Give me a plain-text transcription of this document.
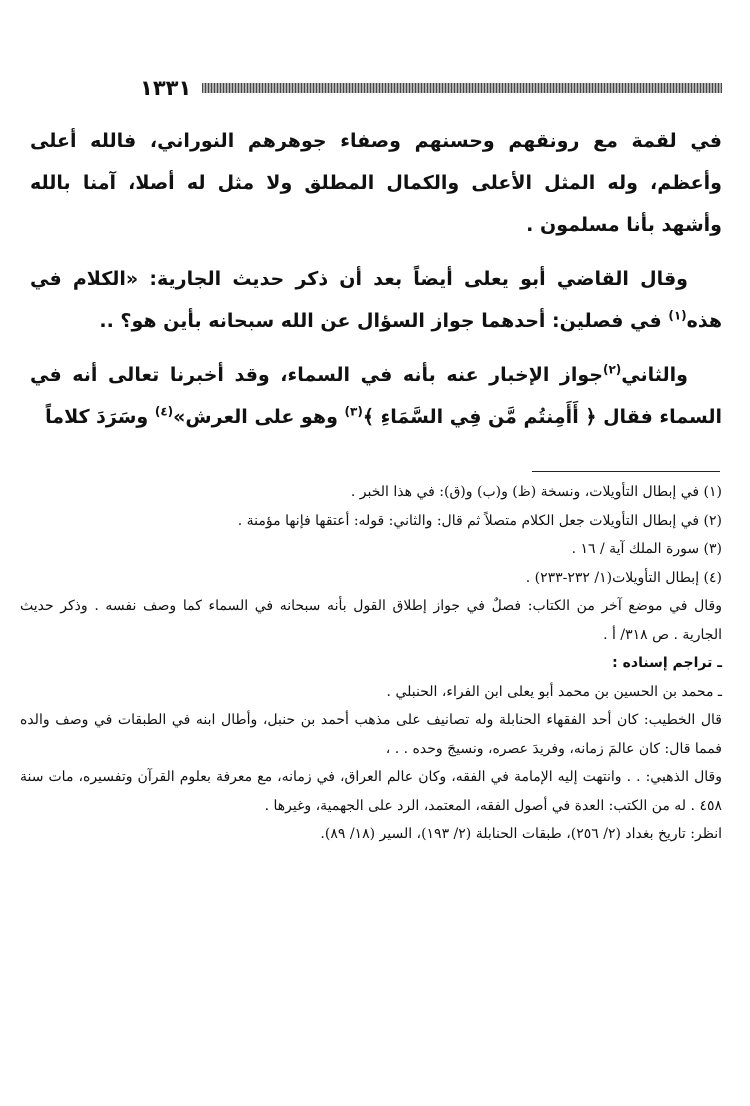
١٣٣١

في لقمة مع رونقهم وحسنهم وصفاء جوهرهم النوراني، فالله أعلى وأعظم، وله المثل الأعلى والكمال المطلق ولا مثل له أصلا، آمنا بالله وأشهد بأنا مسلمون .

وقال القاضي أبو يعلى أيضاً بعد أن ذكر حديث الجارية: «الكلام في هذه$^{(١)}$ في فصلين: أحدهما جواز السؤال عن الله سبحانه بأين هو؟ ..

والثاني$^{(٢)}$جواز الإخبار عنه بأنه في السماء، وقد أخبرنا تعالى أنه في السماء فقال ﴿ أَأَمِنتُم مَّن فِي السَّمَاءِ ﴾$^{(٣)}$ وهو على العرش»$^{(٤)}$ وسَرَدَ كلاماً

(١) في إبطال التأويلات، ونسخة (ظ) و(ب) و(ق): في هذا الخبر .

(٢) في إبطال التأويلات جعل الكلام متصلاً ثم قال: والثاني: قوله: أعتقها فإنها مؤمنة .

(٣) سورة الملك آية / ١٦ .

(٤) إبطال التأويلات(١/ ٢٣٢-٢٣٣) .

وقال في موضع آخر من الكتاب: فصلٌ في جواز إطلاق القول بأنه سبحانه في السماء كما وصف نفسه . وذكر حديث الجارية . ص ٣١٨/ أ .

ـ تراجم إسناده :

ـ محمد بن الحسين بن محمد أبو يعلى ابن الفراء، الحنبلي .

قال الخطيب: كان أحد الفقهاء الحنابلة وله تصانيف على مذهب أحمد بن حنبل، وأطال ابنه في الطبقات في وصف والده فمما قال: كان عالمَ زمانه، وفريدَ عصره، ونسيجَ وحده . . ،

وقال الذهبي: . . وانتهت إليه الإمامة في الفقه، وكان عالم العراق، في زمانه، مع معرفة بعلوم القرآن وتفسيره، مات سنة ٤٥٨ . له من الكتب: العدة في أصول الفقه، المعتمد، الرد على الجهمية، وغيرها .

انظر: تاريخ بغداد (٢/ ٢٥٦)، طبقات الحنابلة (٢/ ١٩٣)، السير (١٨/ ٨٩).
